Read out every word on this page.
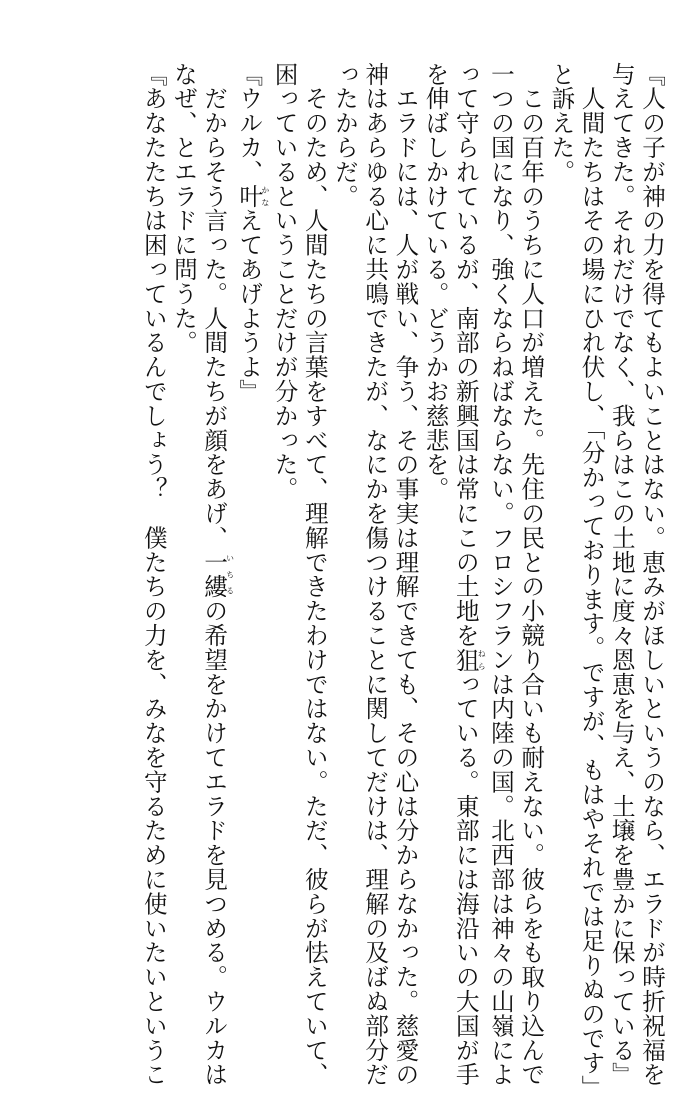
『人の子が神の力を得てもよいことはない。恵みがほしいというのなら、エラドが時折祝福を
与えてきた。それだけでなく、我らはこの土地に度々恩恵を与え、土壌を豊かに保っている』
　人間たちはその場にひれ伏し、「分かっております。ですが、もはやそれでは足りぬのです」
と訴えた。
　この百年のうちに人口が増えた。先住の民との小競り合いも耐えない。彼らをも取り込んで
一つの国になり、強くならねばならない。フロシフランは内陸の国。北西部は神々の山嶺によ
って守られているが、南部の新興国は常にこの土地を狙ねらっている。東部には海沿いの大国が手
を伸ばしかけている。どうかお慈悲を。
　エラドには、人が戦い、争う、その事実は理解できても、その心は分からなかった。慈愛の
神はあらゆる心に共鳴できたが、なにかを傷つけることに関してだけは、理解の及ばぬ部分だ
ったからだ。
　そのため、人間たちの言葉をすべて、理解できたわけではない。ただ、彼らが怯えていて、
困っているということだけが分かった。
『ウルカ、叶かなえてあげようよ』
　だからそう言った。人間たちが顔をあげ、一縷いちるの希望をかけてエラドを見つめる。ウルカは
なぜ、とエラドに問うた。
『あなたたちは困っているんでしょう？　僕たちの力を、みなを守るために使いたいというこ
